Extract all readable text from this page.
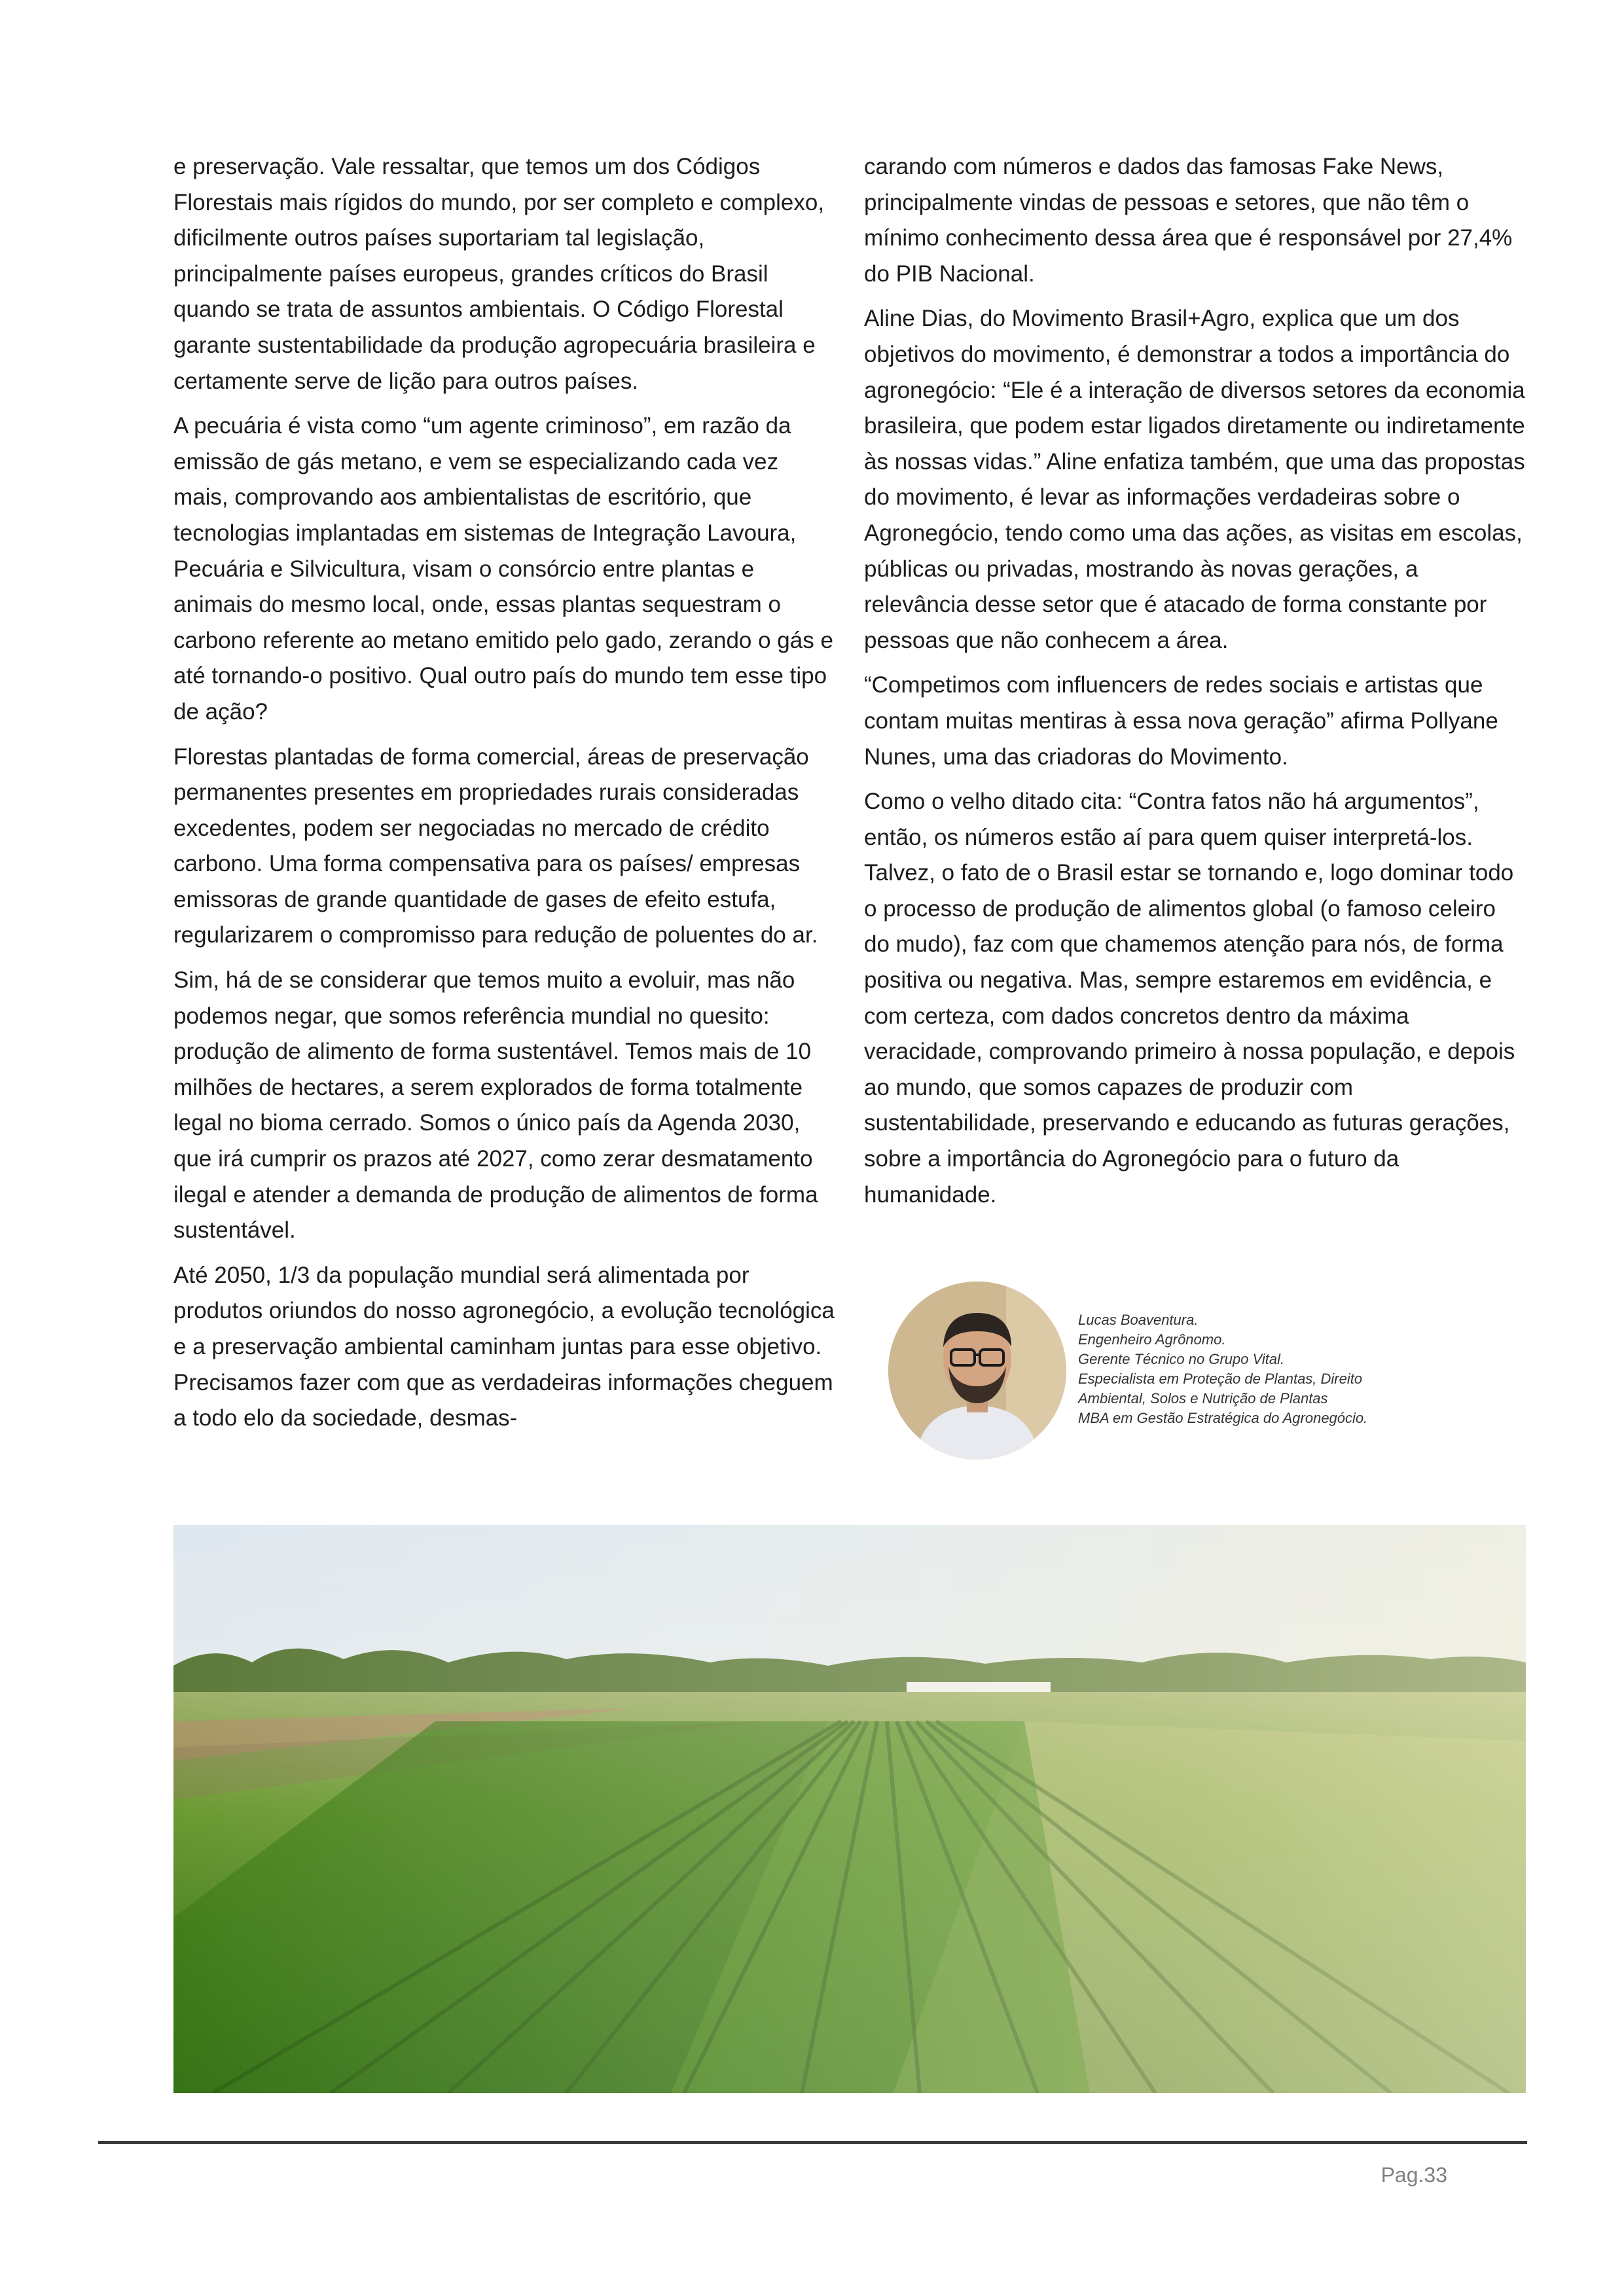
e preservação. Vale ressaltar, que temos um dos Códigos Florestais mais rígidos do mundo, por ser completo e complexo, dificilmente outros países suportariam tal legislação, principalmente países europeus, grandes críticos do Brasil quando se trata de assuntos ambientais. O Código Florestal garante sustentabilidade da produção agropecuária brasileira e certamente serve de lição para outros países.

A pecuária é vista como “um agente criminoso”, em razão da emissão de gás metano, e vem se especializando cada vez mais, comprovando aos ambientalistas de escritório, que tecnologias implantadas em sistemas de Integração Lavoura, Pecuária e Silvicultura, visam o consórcio entre plantas e animais do mesmo local, onde, essas plantas sequestram o carbono referente ao metano emitido pelo gado, zerando o gás e até tornando-o positivo. Qual outro país do mundo tem esse tipo de ação?

Florestas plantadas de forma comercial, áreas de preservação permanentes presentes em propriedades rurais consideradas excedentes, podem ser negociadas no mercado de crédito carbono. Uma forma compensativa para os países/ empresas emissoras de grande quantidade de gases de efeito estufa, regularizarem o compromisso para redução de poluentes do ar.

Sim, há de se considerar que temos muito a evoluir, mas não podemos negar, que somos referência mundial no quesito: produção de alimento de forma sustentável. Temos mais de 10 milhões de hectares, a serem explorados de forma totalmente legal no bioma cerrado. Somos o único país da Agenda 2030, que irá cumprir os prazos até 2027, como zerar desmatamento ilegal e atender a demanda de produção de alimentos de forma sustentável.

Até 2050, 1/3 da população mundial será alimentada por produtos oriundos do nosso agronegócio, a evolução tecnológica e a preservação ambiental caminham juntas para esse objetivo. Precisamos fazer com que as verdadeiras informações cheguem a todo elo da sociedade, desmas-

carando com números e dados das famosas Fake News, principalmente vindas de pessoas e setores, que não têm o mínimo conhecimento dessa área que é responsável por 27,4% do PIB Nacional.

Aline Dias, do Movimento Brasil+Agro, explica que um dos objetivos do movimento, é demonstrar a todos a importância do agronegócio: “Ele é a interação de diversos setores da economia brasileira, que podem estar ligados diretamente ou indiretamente às nossas vidas.” Aline enfatiza também, que uma das propostas do movimento, é levar as informações verdadeiras sobre o Agronegócio, tendo como uma das ações, as visitas em escolas, públicas ou privadas, mostrando às novas gerações, a relevância desse setor que é atacado de forma constante por pessoas que não conhecem a área.

“Competimos com influencers de redes sociais e artistas que contam muitas mentiras à essa nova geração” afirma Pollyane Nunes, uma das criadoras do Movimento.

Como o velho ditado cita: “Contra fatos não há argumentos”, então, os números estão aí para quem quiser interpretá-los. Talvez, o fato de o Brasil estar se tornando e, logo dominar todo o processo de produção de alimentos global (o famoso celeiro do mudo), faz com que chamemos atenção para nós, de forma positiva ou negativa. Mas, sempre estaremos em evidência, e com certeza, com dados concretos dentro da máxima veracidade, comprovando primeiro à nossa população, e depois ao mundo, que somos capazes de produzir com sustentabilidade, preservando e educando as futuras gerações, sobre a importância do Agronegócio para o futuro da humanidade.

Lucas Boaventura.
Engenheiro Agrônomo.
Gerente Técnico no Grupo Vital.
Especialista em Proteção de Plantas, Direito
Ambiental, Solos e Nutrição de Plantas
MBA em Gestão Estratégica do Agronegócio.
Pag.33
